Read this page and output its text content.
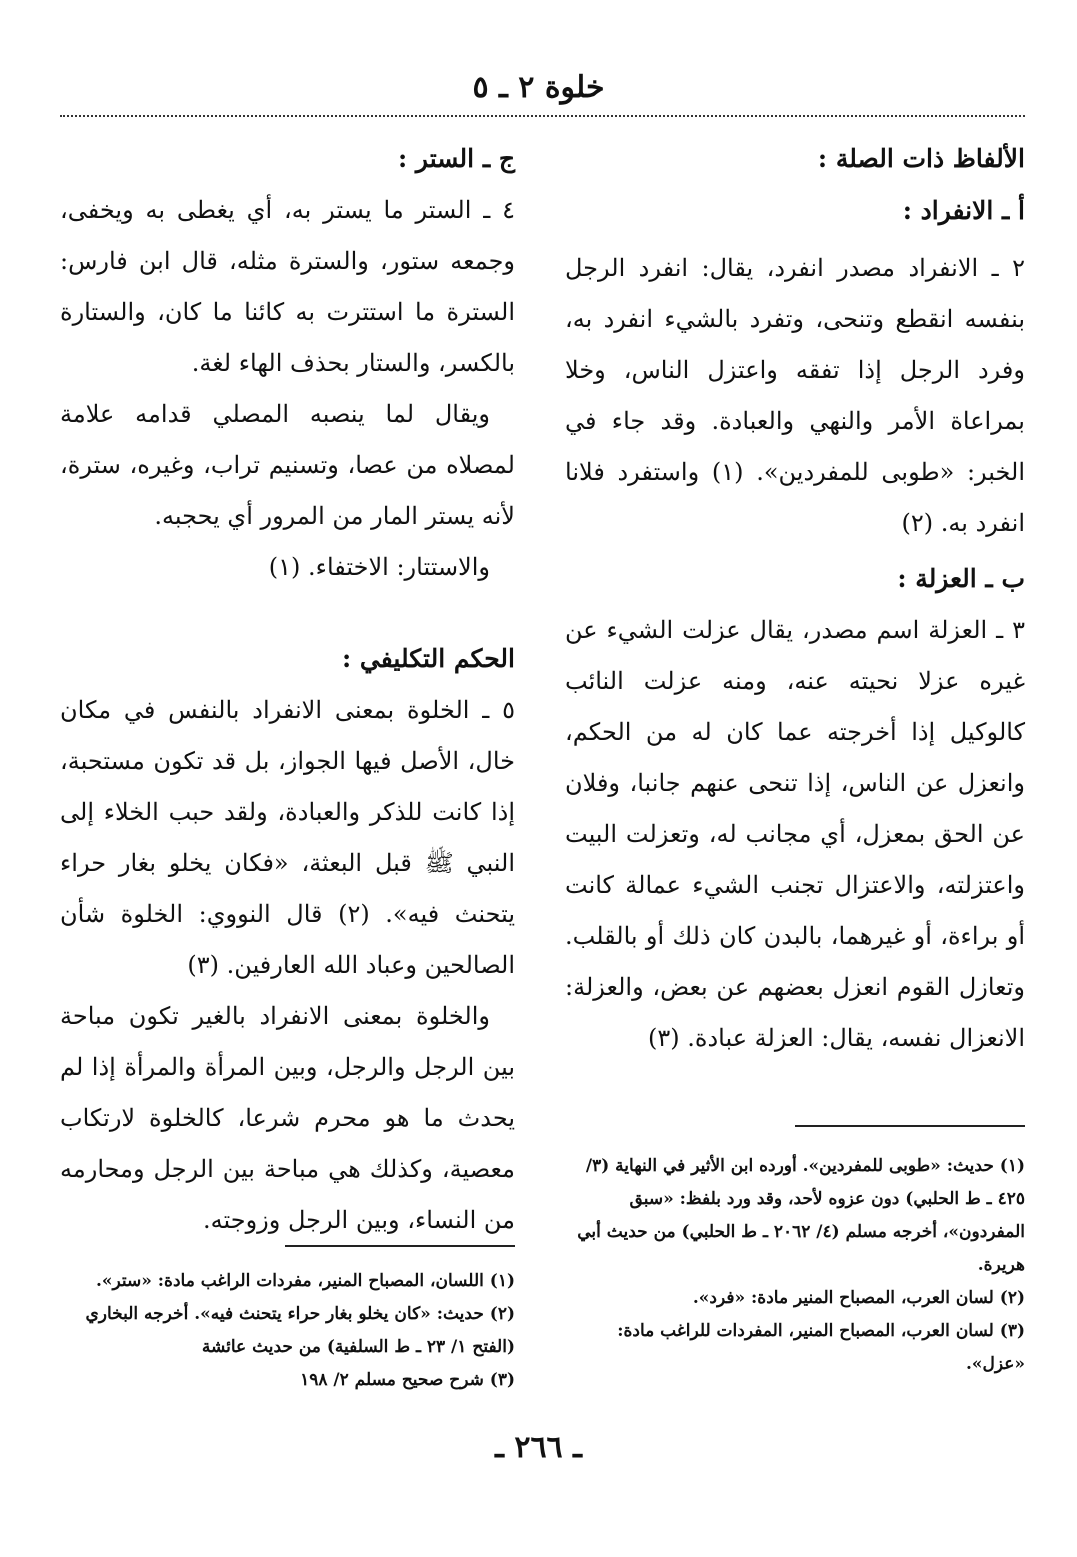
خلوة ٢ ـ ٥

الألفاظ ذات الصلة :

أ ـ الانفراد :

٢ ـ الانفراد مصدر انفرد، يقال: انفرد الرجل بنفسه انقطع وتنحى، وتفرد بالشيء انفرد به، وفرد الرجل إذا تفقه واعتزل الناس، وخلا بمراعاة الأمر والنهي والعبادة. وقد جاء في الخبر: «طوبى للمفردين». (١) واستفرد فلانا انفرد به. (٢)

ب ـ العزلة :

٣ ـ العزلة اسم مصدر، يقال عزلت الشيء عن غيره عزلا نحيته عنه، ومنه عزلت النائب كالوكيل إذا أخرجته عما كان له من الحكم، وانعزل عن الناس، إذا تنحى عنهم جانبا، وفلان عن الحق بمعزل، أي مجانب له، وتعزلت البيت واعتزلته، والاعتزال تجنب الشيء عمالة كانت أو براءة، أو غيرهما، بالبدن كان ذلك أو بالقلب. وتعازل القوم انعزل بعضهم عن بعض، والعزلة: الانعزال نفسه، يقال: العزلة عبادة. (٣)

ج ـ الستر :

٤ ـ الستر ما يستر به، أي يغطى به ويخفى، وجمعه ستور، والسترة مثله، قال ابن فارس: السترة ما استترت به كائنا ما كان، والستارة بالكسر، والستار بحذف الهاء لغة.

ويقال لما ينصبه المصلي قدامه علامة لمصلاه من عصا، وتسنيم تراب، وغيره، سترة، لأنه يستر المار من المرور أي يحجبه.

والاستتار: الاختفاء. (١)

الحكم التكليفي :

٥ ـ الخلوة بمعنى الانفراد بالنفس في مكان خال، الأصل فيها الجواز، بل قد تكون مستحبة، إذا كانت للذكر والعبادة، ولقد حبب الخلاء إلى النبي ﷺ قبل البعثة، «فكان يخلو بغار حراء يتحنث فيه». (٢) قال النووي: الخلوة شأن الصالحين وعباد الله العارفين. (٣)

والخلوة بمعنى الانفراد بالغير تكون مباحة بين الرجل والرجل، وبين المرأة والمرأة إذا لم يحدث ما هو محرم شرعا، كالخلوة لارتكاب معصية، وكذلك هي مباحة بين الرجل ومحارمه من النساء، وبين الرجل وزوجته.

(١) حديث: «طوبى للمفردين». أورده ابن الأثير في النهاية (٣/ ٤٢٥ ـ ط الحلبي) دون عزوه لأحد، وقد ورد بلفظ: «سبق المفردون»، أخرجه مسلم (٤/ ٢٠٦٢ ـ ط الحلبي) من حديث أبي هريرة.

(٢) لسان العرب، المصباح المنير مادة: «فرد».

(٣) لسان العرب، المصباح المنير، المفردات للراغب مادة: «عزل».

(١) اللسان، المصباح المنير، مفردات الراغب مادة: «ستر».

(٢) حديث: «كان يخلو بغار حراء يتحنث فيه». أخرجه البخاري (الفتح ١/ ٢٣ ـ ط السلفية) من حديث عائشة

(٣) شرح صحيح مسلم ٢/ ١٩٨

ـ ٢٦٦ ـ
